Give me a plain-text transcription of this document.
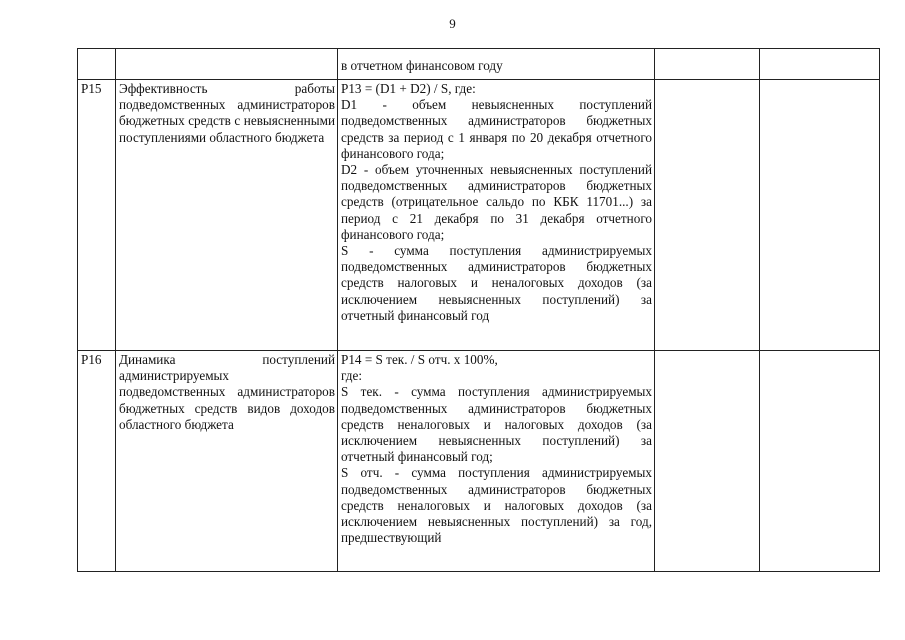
9

		в отчетном финансовом году		

P15	Эффективность работы подведомственных администраторов бюджетных средств с невыясненными поступлениями областного бюджета	P13 = (D1 + D2) / S, где:
D1 - объем невыясненных поступлений подведомственных администраторов бюджетных средств за период с 1 января по 20 декабря отчетного финансового года;
D2 - объем уточненных невыясненных поступлений подведомственных администраторов бюджетных средств (отрицательное сальдо по КБК 11701...) за период с 21 декабря по 31 декабря отчетного финансового года;
S - сумма поступления администрируемых подведомственных администраторов бюджетных средств налоговых и неналоговых доходов (за исключением невыясненных поступлений) за отчетный финансовый год		

P16	Динамика поступлений администрируемых подведомственных администраторов бюджетных средств видов доходов областного бюджета	P14 = S тек. / S отч. x 100%,
где:
S тек. - сумма поступления администрируемых подведомственных администраторов бюджетных средств неналоговых и налоговых доходов (за исключением невыясненных поступлений) за отчетный финансовый год;
S отч. - сумма поступления администрируемых подведомственных администраторов бюджетных средств неналоговых и налоговых доходов (за исключением невыясненных поступлений) за год, предшествующий		
